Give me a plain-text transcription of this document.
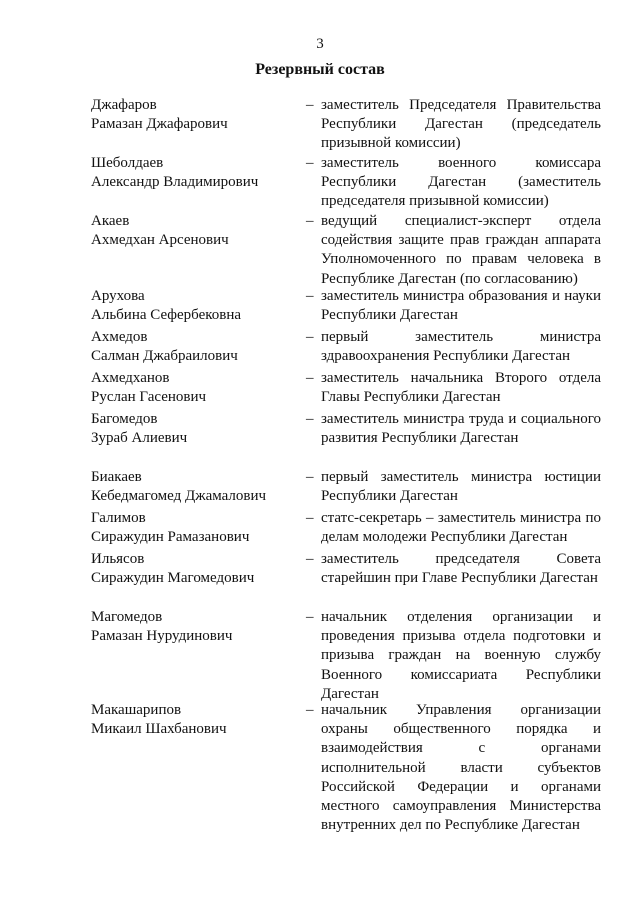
3
Резервный состав
Джафаров
Рамазан Джафарович
– заместитель Председателя Правительства Республики Дагестан (председатель призывной комиссии)
Шеболдаев
Александр Владимирович
– заместитель военного комиссара Республики Дагестан (заместитель председателя призывной комиссии)
Акаев
Ахмедхан Арсенович
– ведущий специалист-эксперт отдела содействия защите прав граждан аппарата Уполномоченного по правам человека в Республике Дагестан (по согласованию)
Арухова
Альбина Сефербековна
– заместитель министра образования и науки Республики Дагестан
Ахмедов
Салман Джабраилович
– первый заместитель министра здравоохранения Республики Дагестан
Ахмедханов
Руслан Гасенович
– заместитель начальника Второго отдела Главы Республики Дагестан
Багомедов
Зураб Алиевич
– заместитель министра труда и социального развития Республики Дагестан
Биакаев
Кебедмагомед Джамалович
– первый заместитель министра юстиции Республики Дагестан
Галимов
Сиражудин Рамазанович
– статс-секретарь – заместитель министра по делам молодежи Республики Дагестан
Ильясов
Сиражудин Магомедович
– заместитель председателя Совета старейшин при Главе Республики Дагестан
Магомедов
Рамазан Нурудинович
– начальник отделения организации и проведения призыва отдела подготовки и призыва граждан на военную службу Военного комиссариата Республики Дагестан
Макашарипов
Микаил Шахбанович
– начальник Управления организации охраны общественного порядка и взаимодействия с органами исполнительной власти субъектов Российской Федерации и органами местного самоуправления Министерства внутренних дел по Республике Дагестан
